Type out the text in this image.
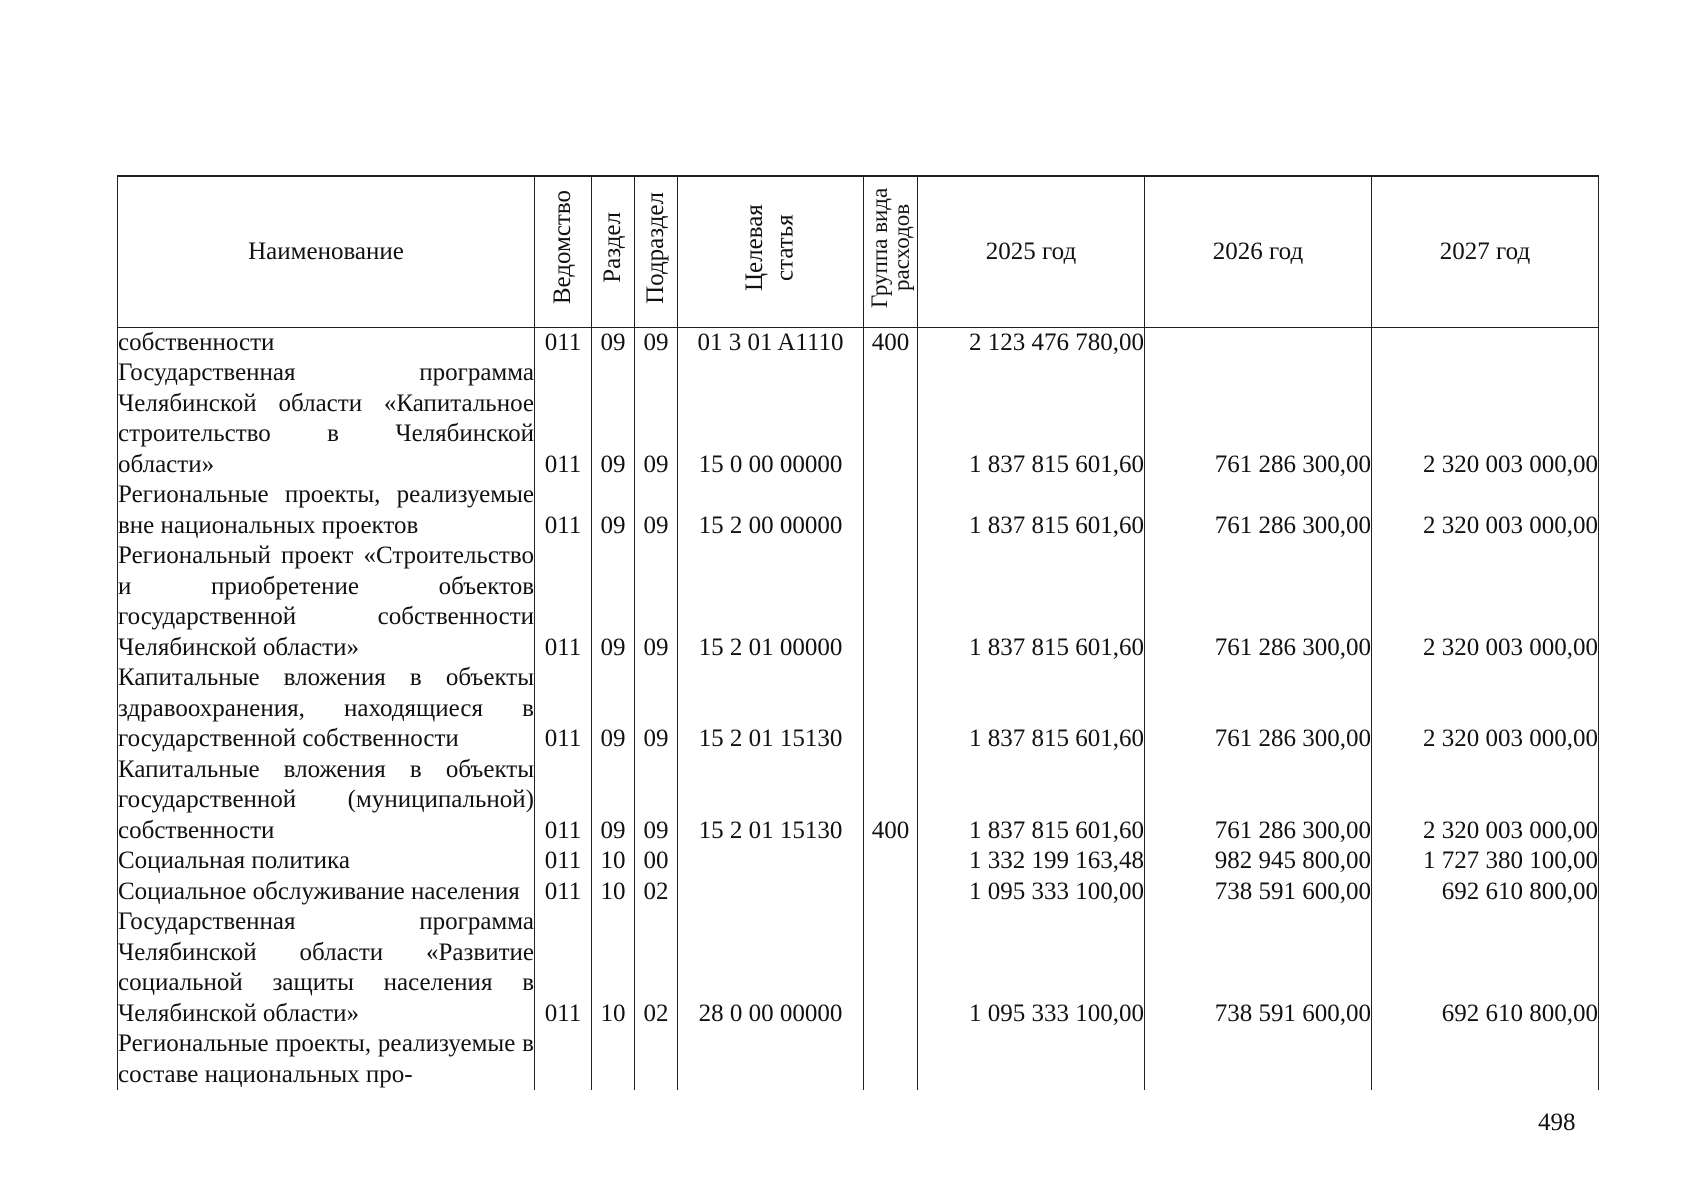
Наименование	Ведомство	Раздел	Подраздел	Целевая статья	Группа вида расходов	2025 год	2026 год	2027 год
собственности	011	09	09	01 3 01 A1110	400	2 123 476 780,00		
Государственная программа Челябинской области «Капитальное строительство в Челябинской области»	011	09	09	15 0 00 00000		1 837 815 601,60	761 286 300,00	2 320 003 000,00
Региональные проекты, реализуемые вне национальных проектов	011	09	09	15 2 00 00000		1 837 815 601,60	761 286 300,00	2 320 003 000,00
Региональный проект «Строительство и приобретение объектов государственной собственности Челябинской области»	011	09	09	15 2 01 00000		1 837 815 601,60	761 286 300,00	2 320 003 000,00
Капитальные вложения в объекты здравоохранения, находящиеся в государственной собственности	011	09	09	15 2 01 15130		1 837 815 601,60	761 286 300,00	2 320 003 000,00
Капитальные вложения в объекты государственной (муниципальной) собственности	011	09	09	15 2 01 15130	400	1 837 815 601,60	761 286 300,00	2 320 003 000,00
Социальная политика	011	10	00			1 332 199 163,48	982 945 800,00	1 727 380 100,00
Социальное обслуживание населения	011	10	02			1 095 333 100,00	738 591 600,00	692 610 800,00
Государственная программа Челябинской области «Развитие социальной защиты населения в Челябинской области»	011	10	02	28 0 00 00000		1 095 333 100,00	738 591 600,00	692 610 800,00
Региональные проекты, реализуемые в составе национальных про-								
498
